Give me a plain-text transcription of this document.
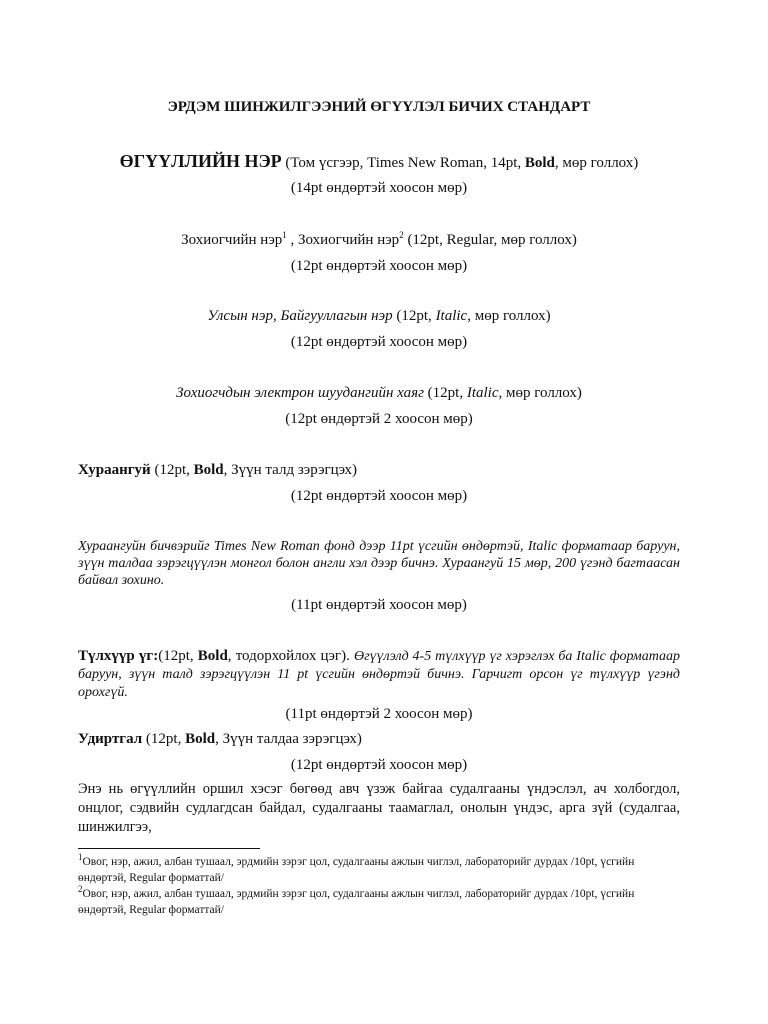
ЭРДЭМ ШИНЖИЛГЭЭНИЙ ӨГҮҮЛЭЛ БИЧИХ СТАНДАРТ
ӨГҮҮЛЛИЙН НЭР (Том үсгээр, Times New Roman, 14pt, Bold, мөр голлох)
(14pt өндөртэй хоосон мөр)
Зохиогчийн нэр$^1$ , Зохиогчийн нэр$^2$ (12pt, Regular, мөр голлох)
(12pt өндөртэй хоосон мөр)
Улсын нэр, Байгууллагын нэр (12pt, Italic, мөр голлох)
(12pt өндөртэй хоосон мөр)
Зохиогчдын электрон шуудангийн хаяг (12pt, Italic, мөр голлох)
(12pt өндөртэй 2 хоосон мөр)
Хураангуй (12pt, Bold, Зүүн талд зэрэгцэх)
(12pt өндөртэй хоосон мөр)
Хураангуйн бичвэрийг Times New Roman фонд дээр 11pt үсгийн өндөртэй, Italic форматаар баруун, зүүн талдаа зэрэгцүүлэн монгол болон англи хэл дээр бичнэ. Хураангуй 15 мөр, 200 үгэнд багтаасан байвал зохино.
(11pt өндөртэй хоосон мөр)
Түлхүүр үг:(12pt, Bold, тодорхойлох цэг). Өгүүлэлд 4-5 түлхүүр үг хэрэглэх ба Italic форматаар баруун, зүүн талд зэрэгцүүлэн 11 pt үсгийн өндөртэй бичнэ. Гарчигт орсон үг түлхүүр үгэнд орохгүй.
(11pt өндөртэй 2 хоосон мөр)
Удиртгал (12pt, Bold, Зүүн талдаа зэрэгцэх)
(12pt өндөртэй хоосон мөр)
Энэ нь өгүүллийн оршил хэсэг бөгөөд авч үзэж байгаа судалгааны үндэслэл, ач холбогдол, онцлог, сэдвийн судлагдсан байдал, судалгааны таамаглал, онолын үндэс, арга зүй (судалгаа, шинжилгээ,
$^1$Овог, нэр, ажил, албан тушаал, эрдмийн зэрэг цол, судалгааны ажлын чиглэл, лабораторийг дурдах /10pt, үсгийн өндөртэй, Regular форматтай/
$^2$Овог, нэр, ажил, албан тушаал, эрдмийн зэрэг цол, судалгааны ажлын чиглэл, лабораторийг дурдах /10pt, үсгийн өндөртэй, Regular форматтай/
